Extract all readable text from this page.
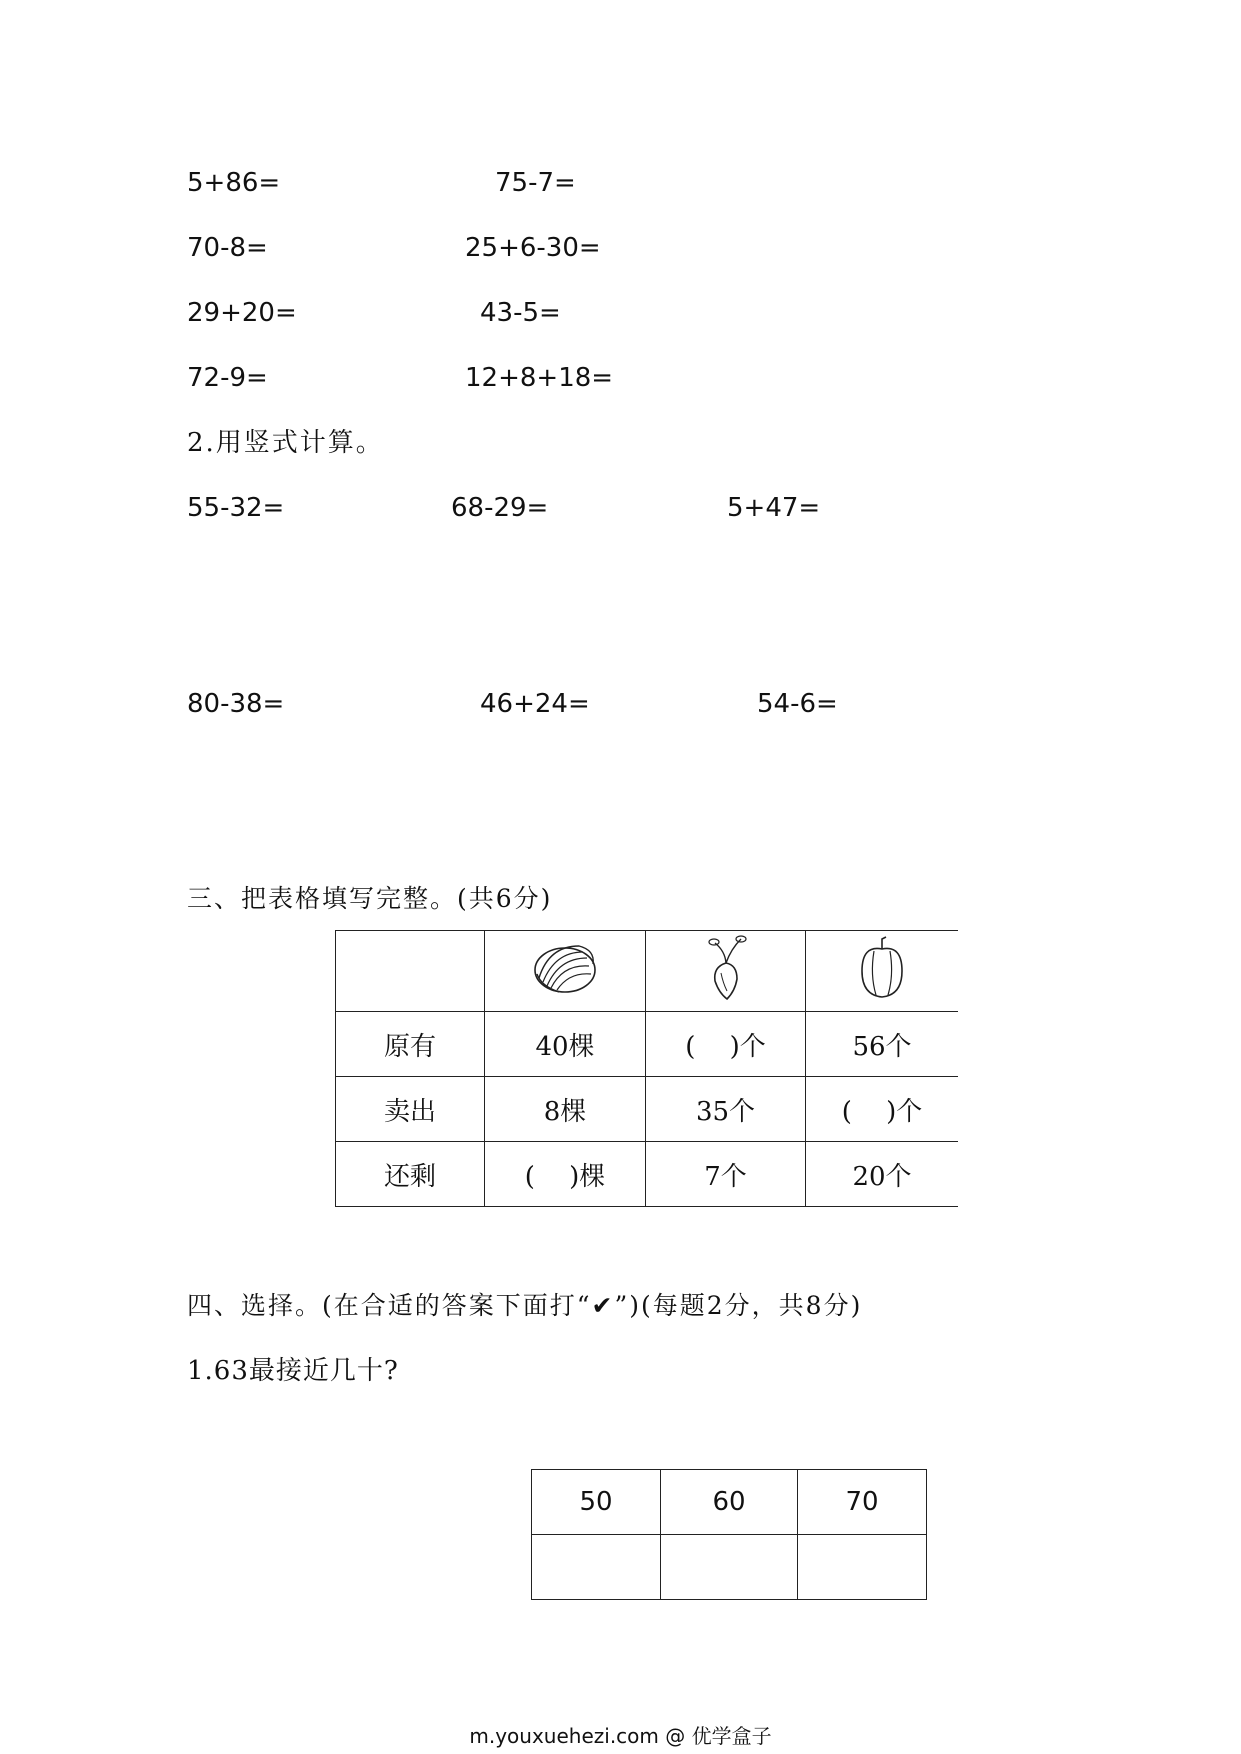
5+86=	75-7=
70-8=	25+6-30=
29+20=	43-5=
72-9=	12+8+18=
2.用竖式计算。
55-32=	68-29=	5+47=
80-38=	46+24=	54-6=
三、把表格填写完整。(共6分)

原有	40棵	(　 )个	56个
卖出	8棵	35个	(　 )个
还剩	(　 )棵	7个	20个
四、选择。(在合适的答案下面打“✔”)(每题2分，共8分)
1.63最接近几十?
50	60	70

m.youxuehezi.com @ 优学盒子
